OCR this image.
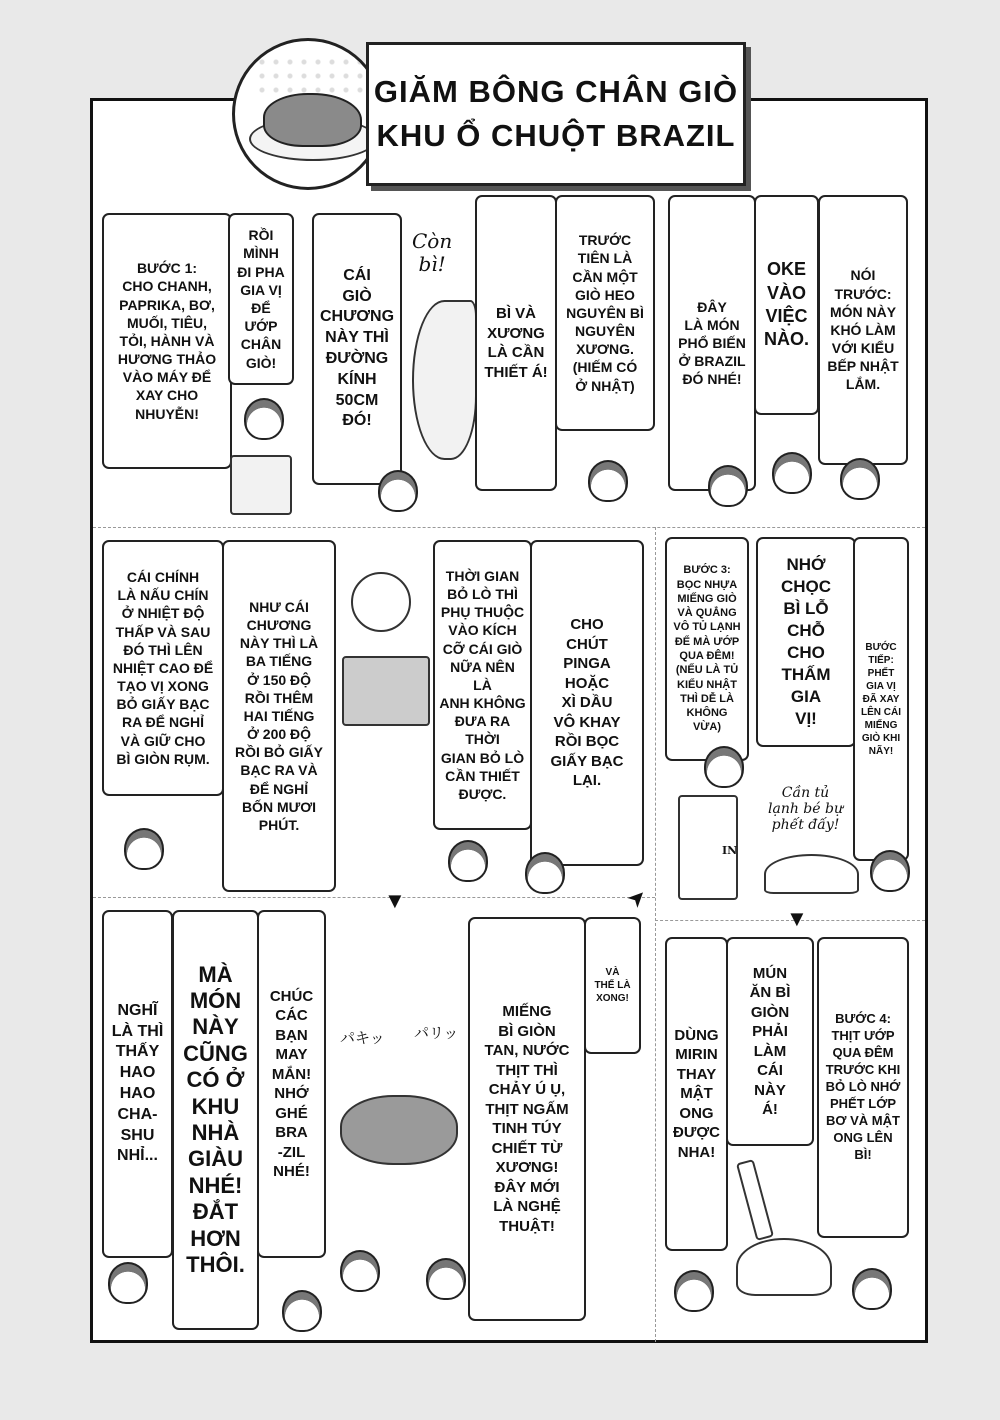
GIĂM BÔNG CHÂN GIÒ
KHU Ổ CHUỘT BRAZIL
BƯỚC 1:
CHO CHANH,
PAPRIKA, BƠ,
MUỐI, TIÊU,
TỎI, HÀNH VÀ
HƯƠNG THẢO
VÀO MÁY ĐỂ
XAY CHO
NHUYỄN!
RỒI
MÌNH
ĐI PHA
GIA VỊ
ĐỂ ƯỚP
CHÂN
GIÒ!
CÁI
GIÒ
CHƯƠNG
NÀY THÌ
ĐƯỜNG
KÍNH
50CM
ĐÓ!
Còn
bì!
BÌ VÀ
XƯƠNG
LÀ CẦN
THIẾT Á!
TRƯỚC
TIÊN LÀ
CẦN MỘT
GIÒ HEO
NGUYÊN BÌ
NGUYÊN
XƯƠNG.
(HIẾM CÓ
Ở NHẬT)
ĐÂY
LÀ MÓN
PHỔ BIẾN
Ở BRAZIL
ĐÓ NHÉ!
OKE
VÀO
VIỆC
NÀO.
NÓI
TRƯỚC:
MÓN NÀY
KHÓ LÀM
VỚI KIỂU
BẾP NHẬT
LẮM.
CÁI CHÍNH
LÀ NẤU CHÍN
Ở NHIỆT ĐỘ
THẤP VÀ SAU
ĐÓ THÌ LÊN
NHIỆT CAO ĐỂ
TẠO VỊ XONG
BỎ GIẤY BẠC
RA ĐỂ NGHỈ
VÀ GIỮ CHO
BÌ GIÒN RỤM.
NHƯ CÁI
CHƯƠNG
NÀY THÌ LÀ
BA TIẾNG
Ở 150 ĐỘ
RỒI THÊM
HAI TIẾNG
Ở 200 ĐỘ
RỒI BỎ GIẤY
BẠC RA VÀ
ĐỂ NGHỈ
BỐN MƯƠI
PHÚT.
THỜI GIAN
BỎ LÒ THÌ
PHỤ THUỘC
VÀO KÍCH
CỠ CÁI GIÒ
NỮA NÊN LÀ
ANH KHÔNG
ĐƯA RA THỜI
GIAN BỎ LÒ
CẦN THIẾT
ĐƯỢC.
CHO
CHÚT
PINGA
HOẶC
XÌ DẦU
VÔ KHAY
RỒI BỌC
GIẤY BẠC
LẠI.
▼	➤
BƯỚC 3:
BỌC NHỰA
MIẾNG GIÒ
VÀ QUẲNG
VÔ TỦ LẠNH
ĐỂ MÀ ƯỚP
QUA ĐÊM!
(NẾU LÀ TỦ
KIỂU NHẬT
THÌ DỄ LÀ
KHÔNG VỪA)
NHỚ
CHỌC
BÌ LỖ
CHỖ
CHO
THẤM
GIA
VỊ!
BƯỚC
TIẾP:
PHẾT
GIA VỊ
ĐÃ XAY
LÊN CÁI
MIẾNG
GIÒ KHI
NÃY!
Cần tủ
lạnh bé bự
phết đấy!
IN
▼
NGHĨ
LÀ THÌ
THẤY
HAO
HAO
CHA-
SHU
NHỈ...
MÀ
MÓN
NÀY
CŨNG
CÓ Ở
KHU
NHÀ
GIÀU
NHÉ!
ĐẮT
HƠN
THÔI.
CHÚC
CÁC
BẠN
MAY
MẮN!
NHỚ
GHÉ
BRA
-ZIL
NHÉ!
パキッ パリッ
MIẾNG
BÌ GIÒN
TAN, NƯỚC
THỊT THÌ
CHẢY Ú Ụ,
THỊT NGẤM
TINH TÚY
CHIẾT TỪ
XƯƠNG!
ĐÂY MỚI
LÀ NGHỆ
THUẬT!
VÀ
THẾ LÀ
XONG!
DÙNG
MIRIN
THAY
MẬT
ONG
ĐƯỢC
NHA!
MÚN
ĂN BÌ
GIÒN
PHẢI
LÀM
CÁI
NÀY
Á!
BƯỚC 4:
THỊT ƯỚP
QUA ĐÊM
TRƯỚC KHI
BỎ LÒ NHỚ
PHẾT LỚP
BƠ VÀ MẬT
ONG LÊN
BÌ!
